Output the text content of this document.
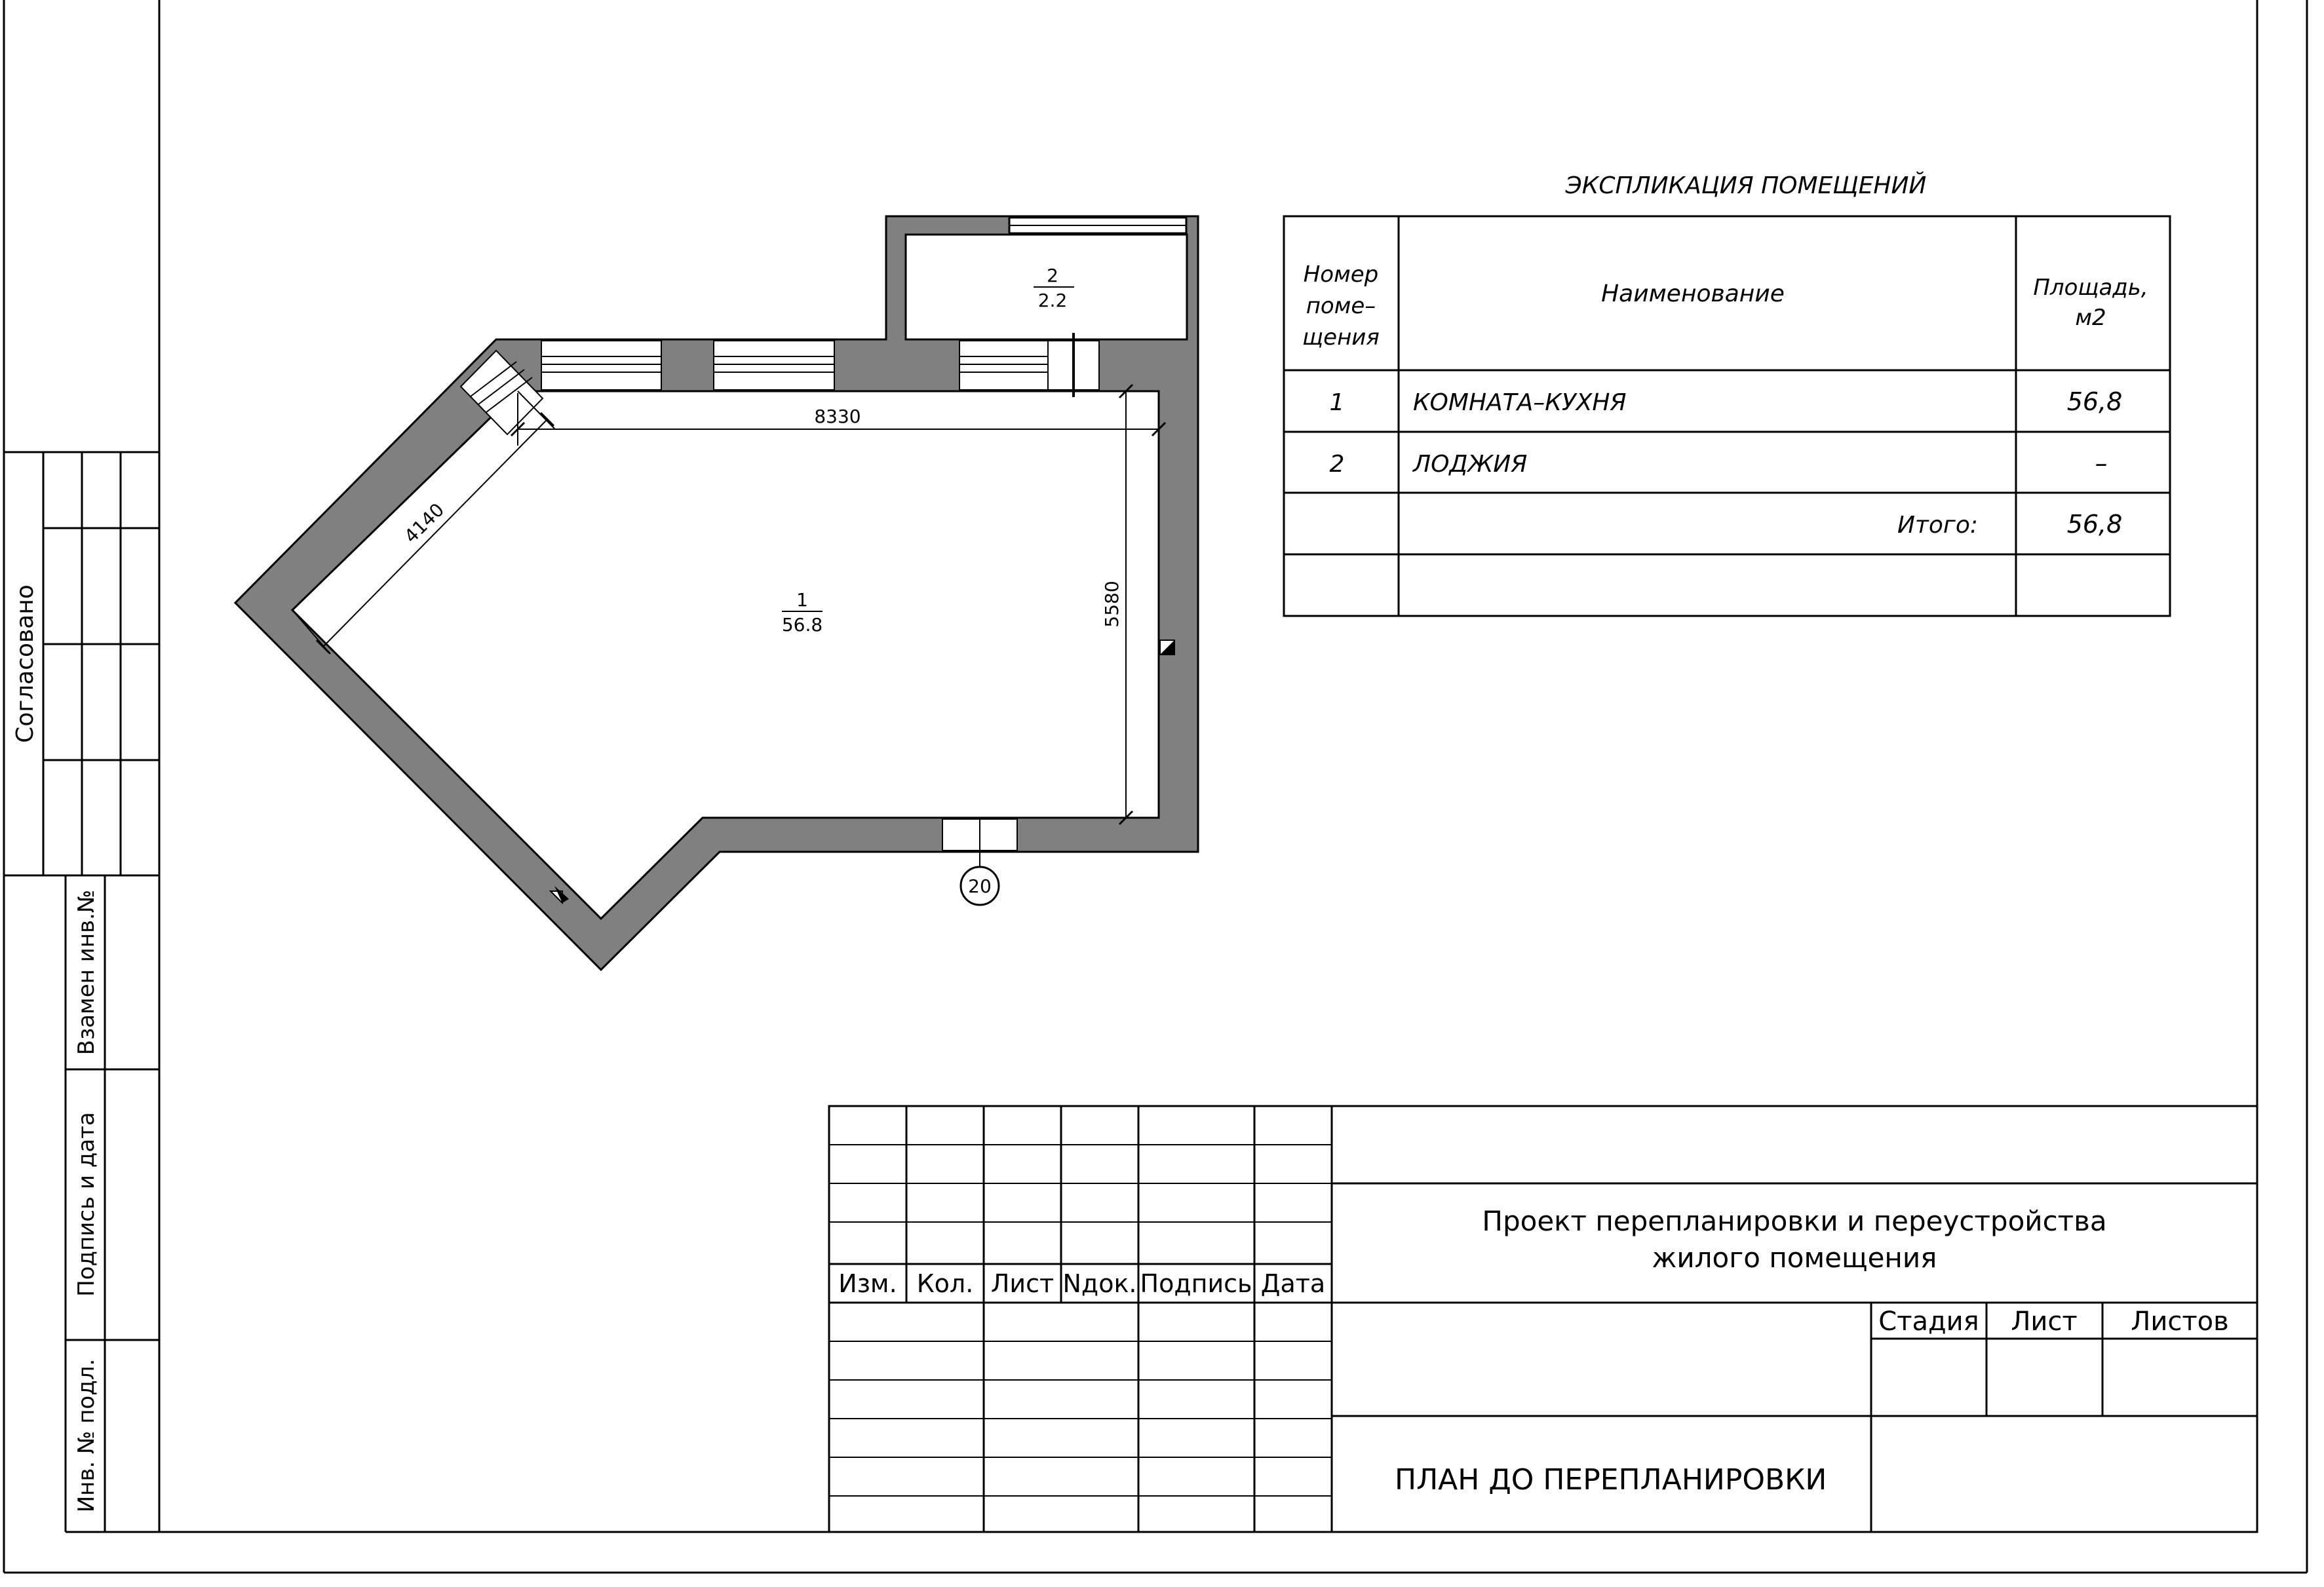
Согласовано
Взамен инв.№
Подпись и дата
Инв. № подл.
8330
5580
4140
1
56.8
2
2.2
20
ЭКСПЛИКАЦИЯ ПОМЕЩЕНИЙ
Номер
поме–
щения
Наименование	Площадь,
м2
1	КОМНАТА–КУХНЯ	56,8
2	ЛОДЖИЯ	–
Итого:	56,8
Изм. Кол. Лист Nдок. Подпись Дата
Проект перепланировки и переустройства
жилого помещения
Стадия Лист Листов
ПЛАН ДО ПЕРЕПЛАНИРОВКИ
